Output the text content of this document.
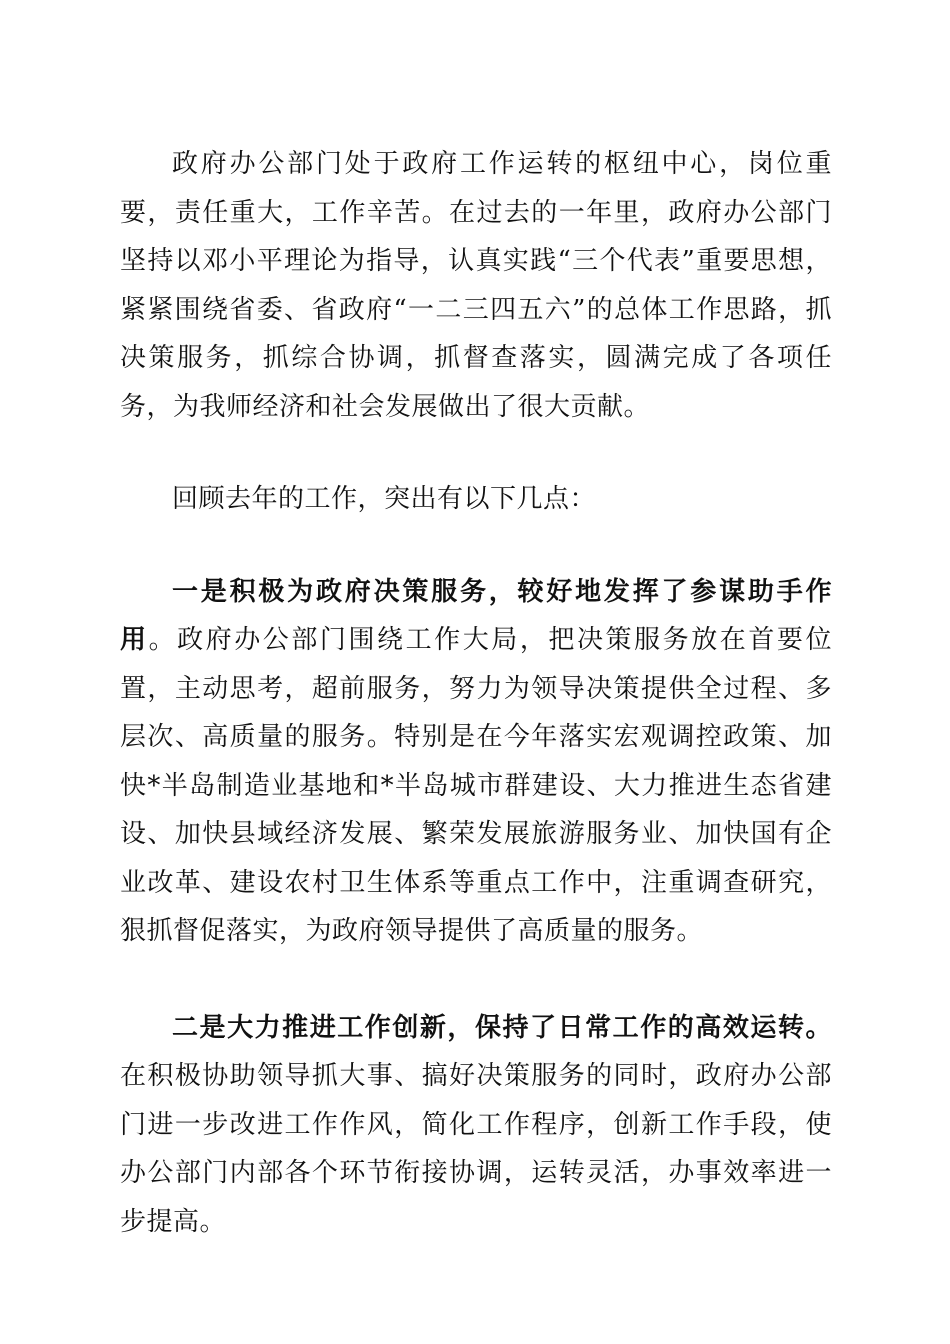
政府办公部门处于政府工作运转的枢纽中心，岗位重要，责任重大，工作辛苦。在过去的一年里，政府办公部门坚持以邓小平理论为指导，认真实践“三个代表”重要思想，紧紧围绕省委、省政府“一二三四五六”的总体工作思路，抓决策服务，抓综合协调，抓督查落实，圆满完成了各项任务，为我师经济和社会发展做出了很大贡献。

回顾去年的工作，突出有以下几点：

一是积极为政府决策服务，较好地发挥了参谋助手作用。政府办公部门围绕工作大局，把决策服务放在首要位置，主动思考，超前服务，努力为领导决策提供全过程、多层次、高质量的服务。特别是在今年落实宏观调控政策、加快*半岛制造业基地和*半岛城市群建设、大力推进生态省建设、加快县域经济发展、繁荣发展旅游服务业、加快国有企业改革、建设农村卫生体系等重点工作中，注重调查研究，狠抓督促落实，为政府领导提供了高质量的服务。

二是大力推进工作创新，保持了日常工作的高效运转。在积极协助领导抓大事、搞好决策服务的同时，政府办公部门进一步改进工作作风，简化工作程序，创新工作手段，使办公部门内部各个环节衔接协调，运转灵活，办事效率进一步提高。
